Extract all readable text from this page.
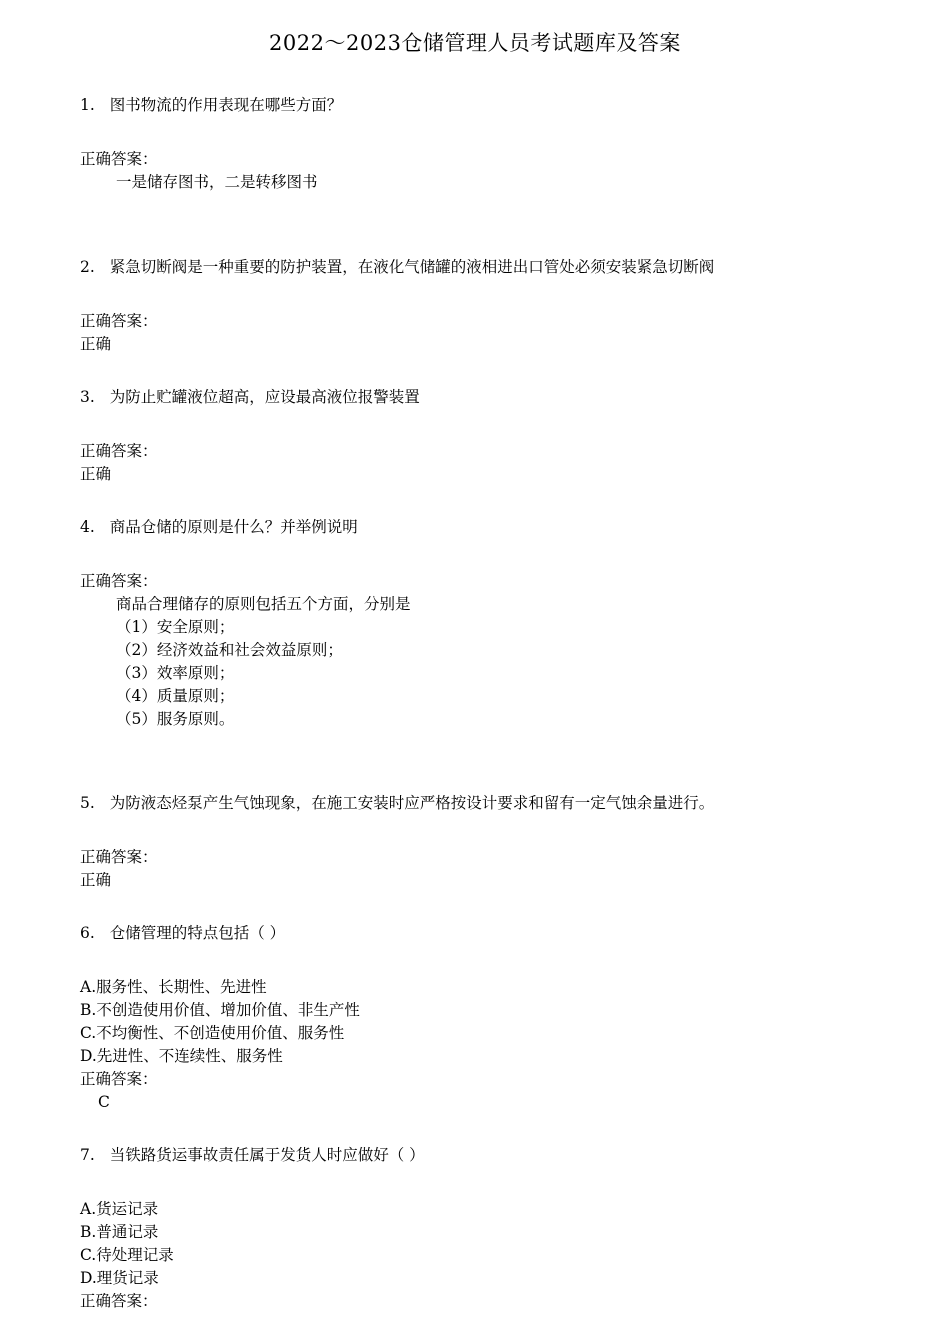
2022～2023仓储管理人员考试题库及答案
1. 图书物流的作用表现在哪些方面？
正确答案：
一是储存图书，二是转移图书
2. 紧急切断阀是一种重要的防护装置，在液化气储罐的液相进出口管处必须安装紧急切断阀
正确答案：
正确
3. 为防止贮罐液位超高，应设最高液位报警装置
正确答案：
正确
4. 商品仓储的原则是什么？并举例说明
正确答案：
商品合理储存的原则包括五个方面，分别是
（1）安全原则；
（2）经济效益和社会效益原则；
（3）效率原则；
（4）质量原则；
（5）服务原则。
5. 为防液态烃泵产生气蚀现象，在施工安装时应严格按设计要求和留有一定气蚀余量进行。
正确答案：
正确
6. 仓储管理的特点包括（ ）
A.服务性、长期性、先进性
B.不创造使用价值、增加价值、非生产性
C.不均衡性、不创造使用价值、服务性
D.先进性、不连续性、服务性
正确答案：
C
7. 当铁路货运事故责任属于发货人时应做好（ ）
A.货运记录
B.普通记录
C.待处理记录
D.理货记录
正确答案：
